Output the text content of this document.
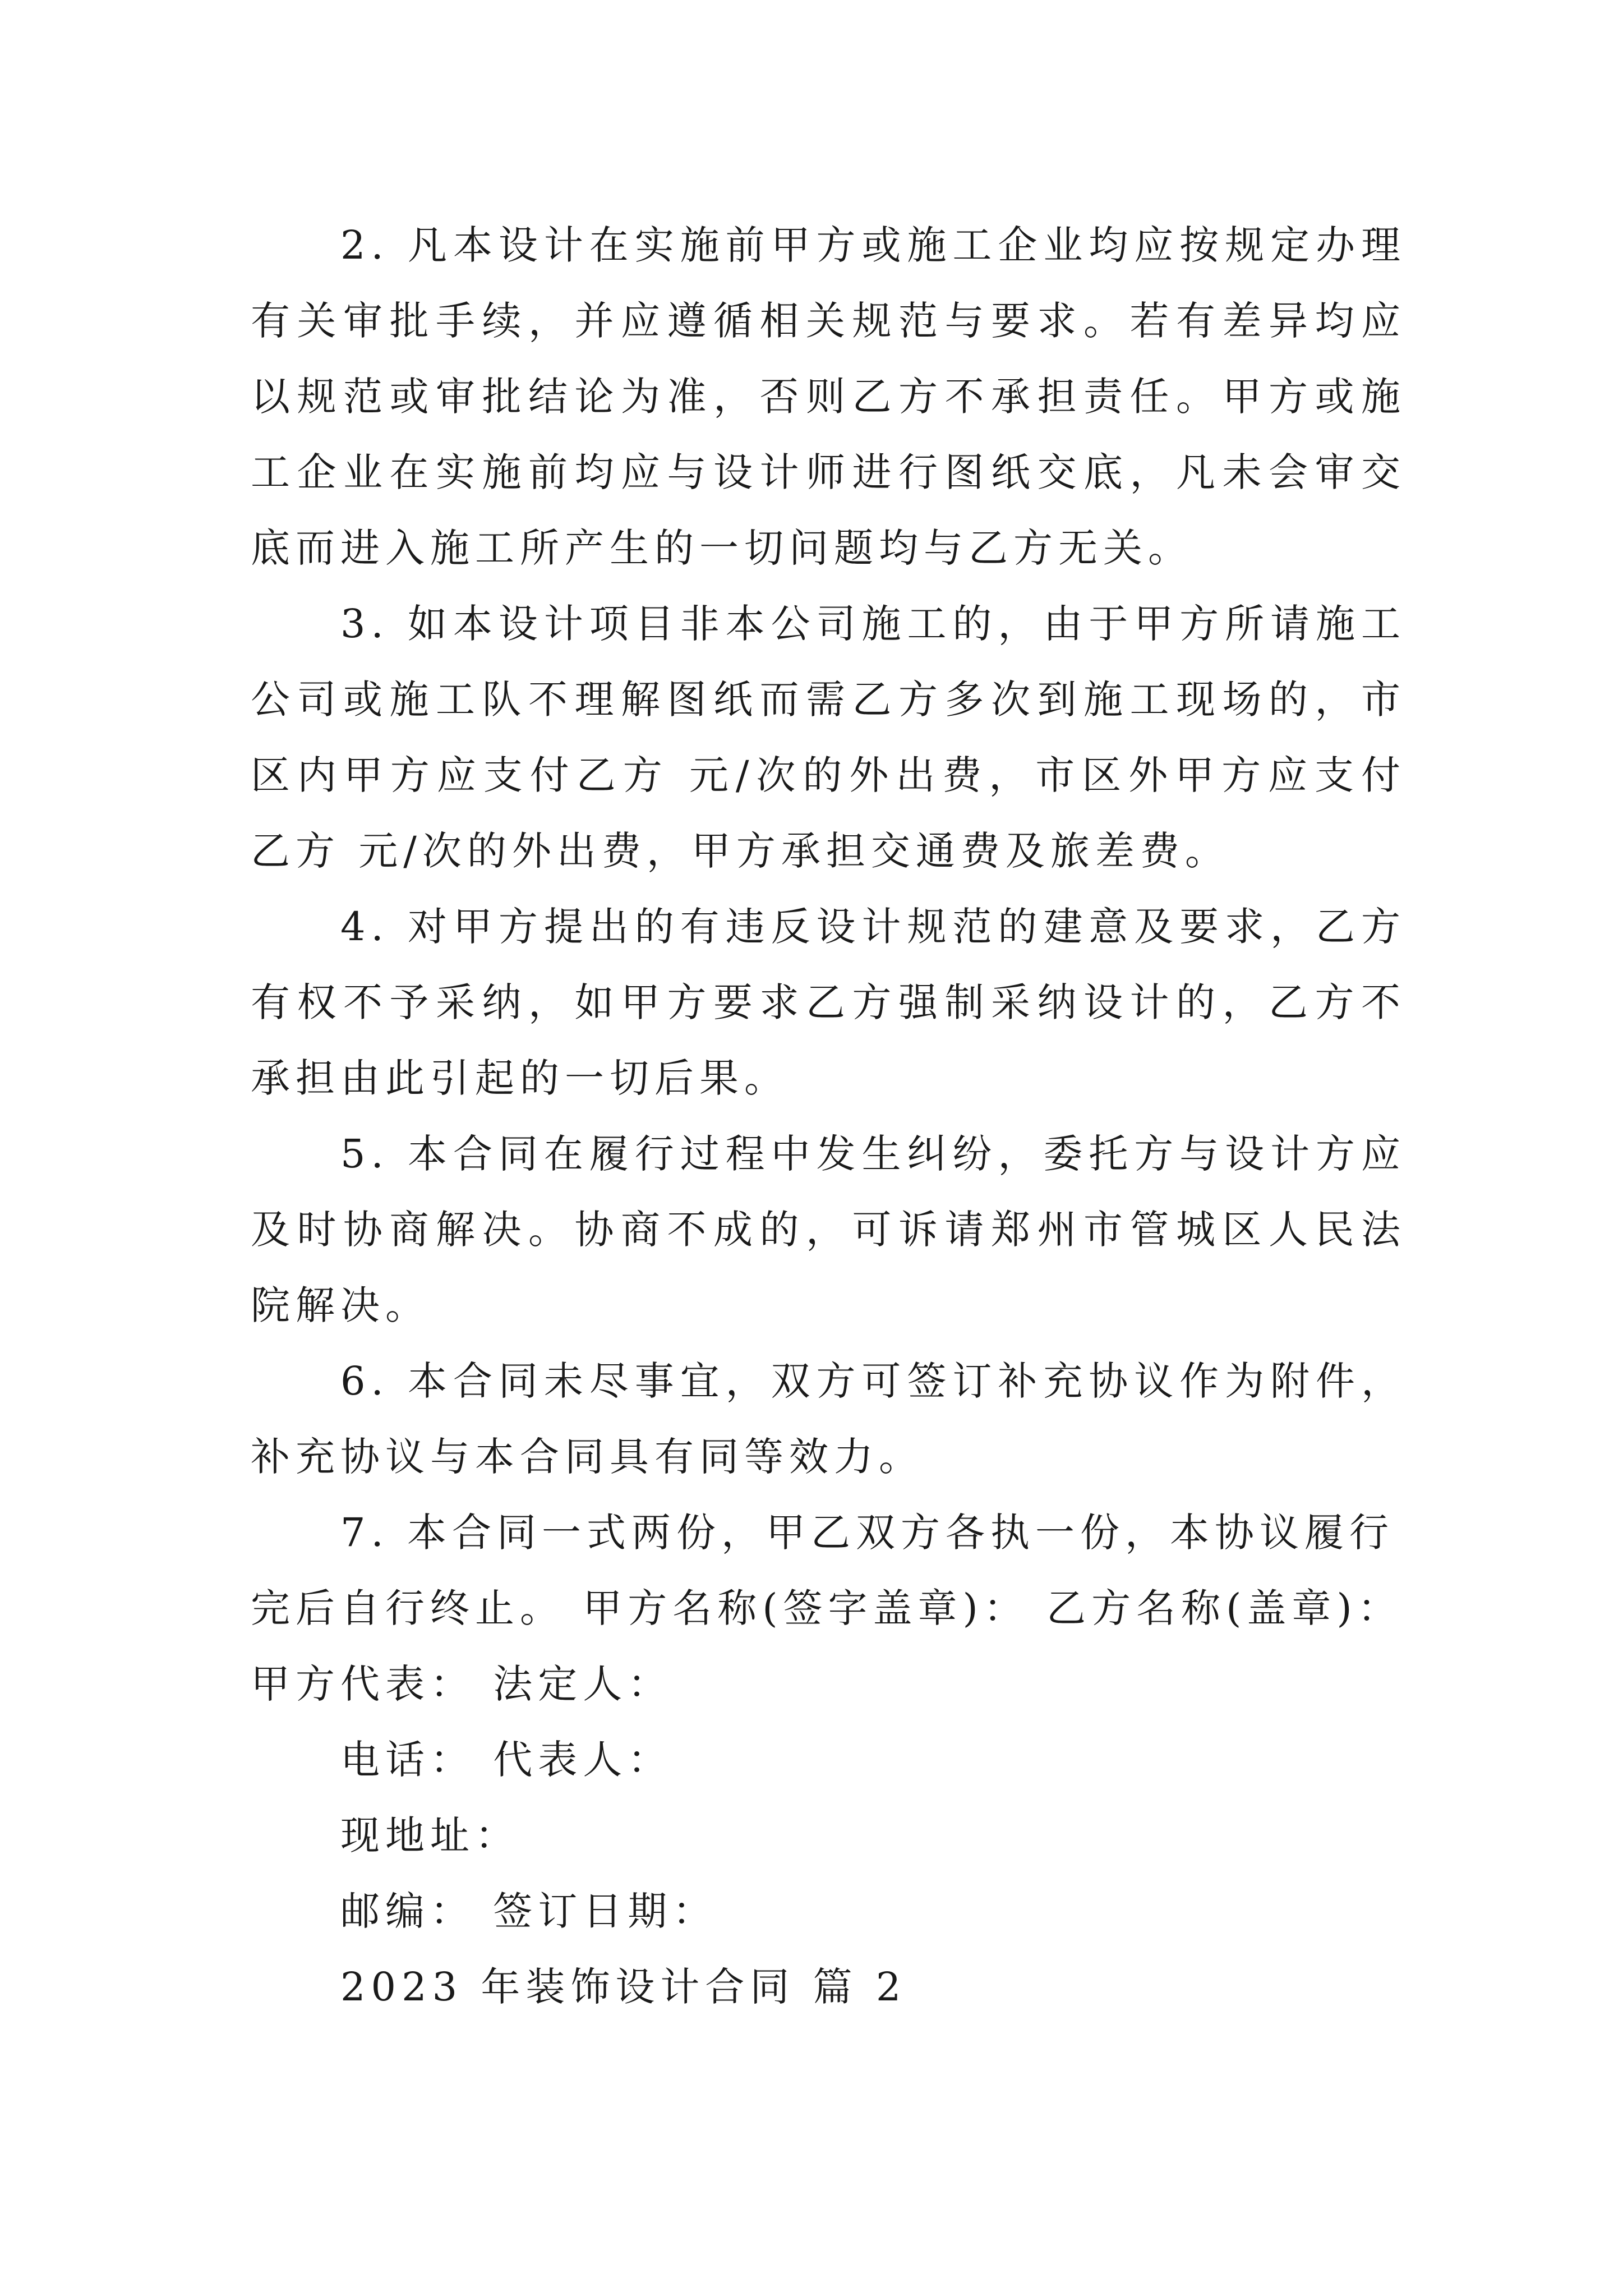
2. 凡本设计在实施前甲方或施工企业均应按规定办理有关审批手续，并应遵循相关规范与要求。若有差异均应以规范或审批结论为准，否则乙方不承担责任。甲方或施工企业在实施前均应与设计师进行图纸交底，凡未会审交底而进入施工所产生的一切问题均与乙方无关。

3. 如本设计项目非本公司施工的，由于甲方所请施工公司或施工队不理解图纸而需乙方多次到施工现场的，市区内甲方应支付乙方 元/次的外出费，市区外甲方应支付乙方 元/次的外出费，甲方承担交通费及旅差费。

4. 对甲方提出的有违反设计规范的建意及要求，乙方有权不予采纳，如甲方要求乙方强制采纳设计的，乙方不承担由此引起的一切后果。

5. 本合同在履行过程中发生纠纷，委托方与设计方应及时协商解决。协商不成的，可诉请郑州市管城区人民法院解决。

6. 本合同未尽事宜，双方可签订补充协议作为附件，补充协议与本合同具有同等效力。

7. 本合同一式两份，甲乙双方各执一份，本协议履行

完后自行终止。 甲方名称(签字盖章)： 乙方名称(盖章)：

甲方代表： 法定人：

电话： 代表人：

现地址：

邮编： 签订日期：

2023 年装饰设计合同 篇 2
